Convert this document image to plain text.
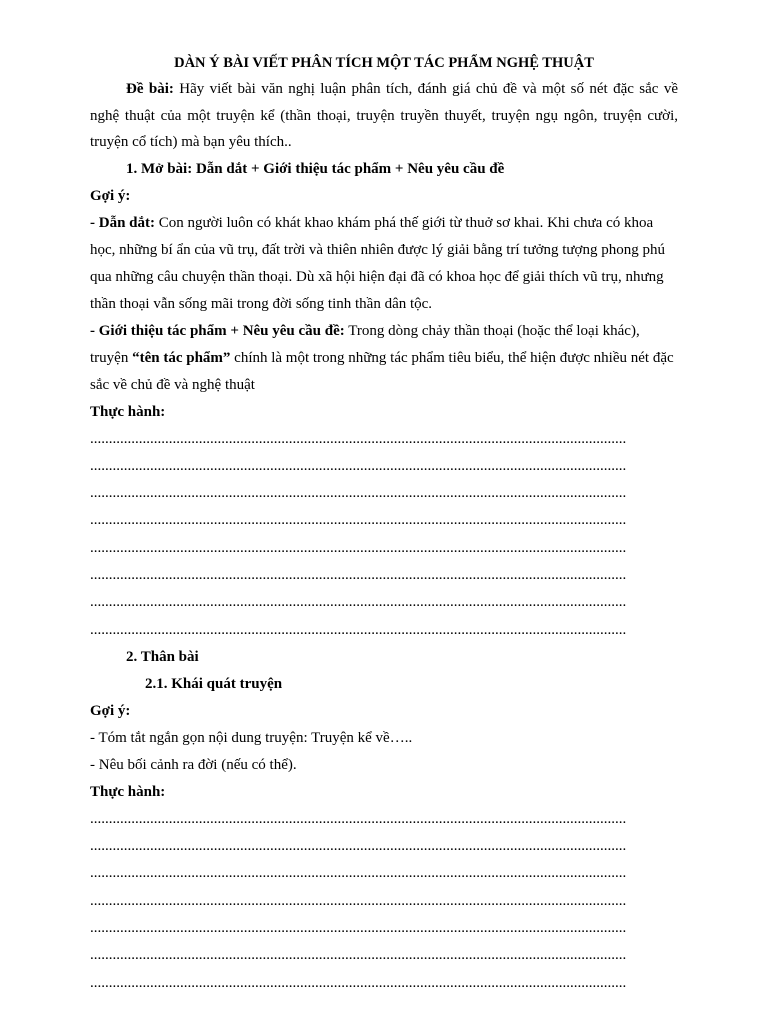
DÀN Ý BÀI VIẾT PHÂN TÍCH MỘT TÁC PHẨM NGHỆ THUẬT
Đề bài: Hãy viết bài văn nghị luận phân tích, đánh giá chủ đề và một số nét đặc sắc về nghệ thuật của một truyện kể (thần thoại, truyện truyền thuyết, truyện ngụ ngôn, truyện cười, truyện cổ tích) mà bạn yêu thích..
1. Mở bài: Dẫn dắt + Giới thiệu tác phẩm + Nêu yêu cầu đề
Gợi ý:
- Dẫn dắt: Con người luôn có khát khao khám phá thế giới từ thuở sơ khai. Khi chưa có khoa
học, những bí ẩn của vũ trụ, đất trời và thiên nhiên được lý giải bằng trí tưởng tượng phong phú
qua những câu chuyện thần thoại. Dù xã hội hiện đại đã có khoa học để giải thích vũ trụ, nhưng
thần thoại vẫn sống mãi trong đời sống tinh thần dân tộc.
- Giới thiệu tác phẩm + Nêu yêu cầu đề: Trong dòng chảy thần thoại (hoặc thể loại khác),
truyện “tên tác phẩm” chính là một trong những tác phẩm tiêu biểu, thể hiện được nhiều nét đặc
sắc về chủ đề và nghệ thuật
Thực hành:
...............................................................................................................................................
...............................................................................................................................................
...............................................................................................................................................
...............................................................................................................................................
...............................................................................................................................................
...............................................................................................................................................
...............................................................................................................................................
...............................................................................................................................................
2. Thân bài
2.1. Khái quát truyện
Gợi ý:
- Tóm tắt ngắn gọn nội dung truyện: Truyện kể về…..
- Nêu bối cảnh ra đời (nếu có thể).
Thực hành:
...............................................................................................................................................
...............................................................................................................................................
...............................................................................................................................................
...............................................................................................................................................
...............................................................................................................................................
...............................................................................................................................................
...............................................................................................................................................
